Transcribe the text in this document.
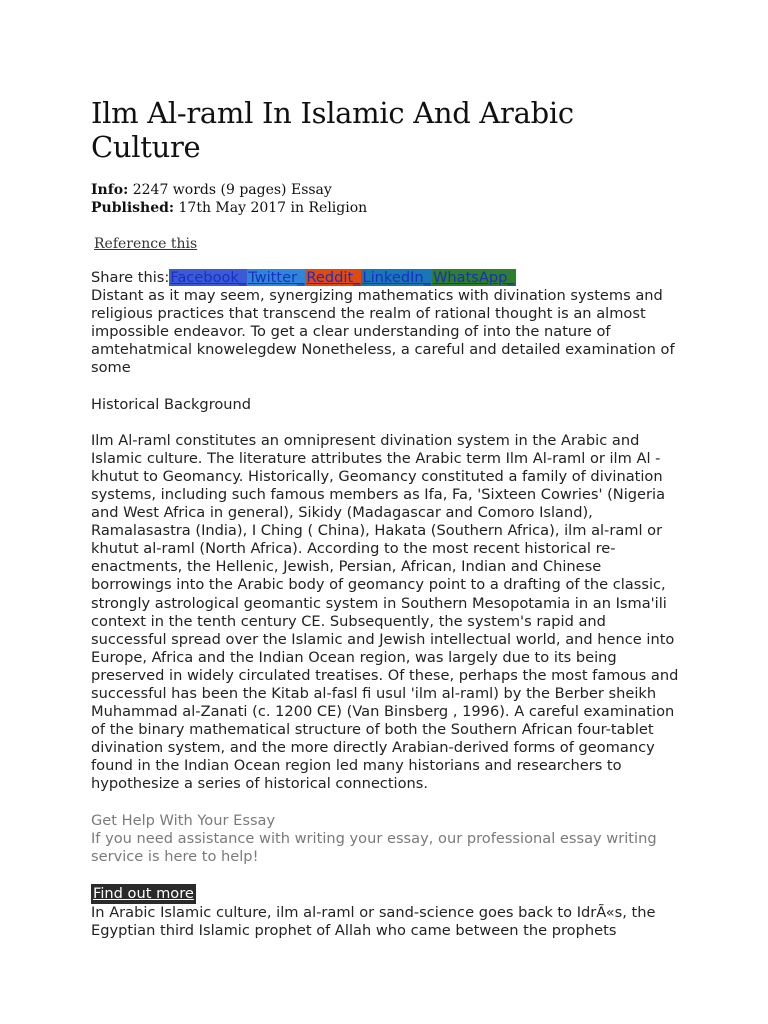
Ilm Al-raml In Islamic And Arabic Culture
Info: 2247 words (9 pages) Essay
Published: 17th May 2017 in Religion
Reference this
Share this:Facebook_ Twitter_ Reddit_ LinkedIn_ WhatsApp_

Distant as it may seem, synergizing mathematics with divination systems and religious practices that transcend the realm of rational thought is an almost impossible endeavor. To get a clear understanding of into the nature of amtehatmical knowelegdew Nonetheless, a careful and detailed examination of some

Historical Background

Ilm Al-raml constitutes an omnipresent divination system in the Arabic and Islamic culture. The literature attributes the Arabic term Ilm Al-raml or ilm Al -khutut to Geomancy. Historically, Geomancy constituted a family of divination systems, including such famous members as Ifa, Fa, 'Sixteen Cowries' (Nigeria and West Africa in general), Sikidy (Madagascar and Comoro Island), Ramalasastra (India), I Ching ( China), Hakata (Southern Africa), ilm al-raml or khutut al-raml (North Africa). According to the most recent historical re-enactments, the Hellenic, Jewish, Persian, African, Indian and Chinese borrowings into the Arabic body of geomancy point to a drafting of the classic, strongly astrological geomantic system in Southern Mesopotamia in an Isma'ili context in the tenth century CE. Subsequently, the system's rapid and successful spread over the Islamic and Jewish intellectual world, and hence into Europe, Africa and the Indian Ocean region, was largely due to its being preserved in widely circulated treatises. Of these, perhaps the most famous and successful has been the Kitab al-fasl fi usul 'ilm al-raml) by the Berber sheikh Muhammad al-Zanati (c. 1200 CE) (Van Binsberg , 1996). A careful examination of the binary mathematical structure of both the Southern African four-tablet divination system, and the more directly Arabian-derived forms of geomancy found in the Indian Ocean region led many historians and researchers to hypothesize a series of historical connections.

Get Help With Your Essay

If you need assistance with writing your essay, our professional essay writing service is here to help!

Find out more

In Arabic Islamic culture, ilm al-raml or sand-science goes back to IdrÃ«s, the Egyptian third Islamic prophet of Allah who came between the prophets
